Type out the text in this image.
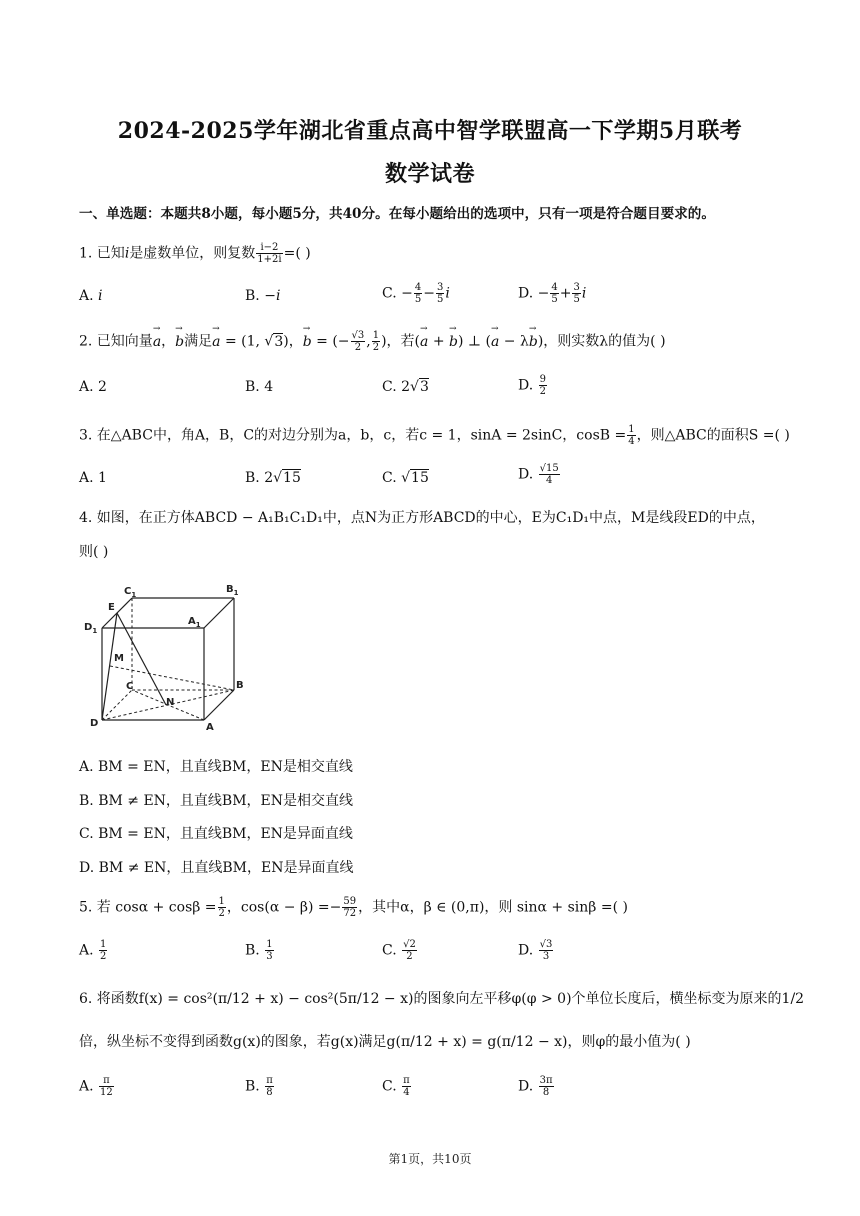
2024-2025学年湖北省重点高中智学联盟高一下学期5月联考
数学试卷
一、单选题：本题共8小题，每小题5分，共40分。在每小题给出的选项中，只有一项是符合题目要求的。
1. 已知i是虚数单位，则复数 $\frac{i-2}{1+2i}$ =( )
A. i	B. −i	C. − $\frac{4}{5} - \frac{3}{5}$ i	D. − $\frac{4}{5} + \frac{3}{5}$ i
2. 已知向量→ a，→ b满足→ a = (1, √3)，→ b = (− $\frac{√3}{2}$ , $\frac{1}{2}$ )，若(→ a + → b) ⊥ (→ a − λ→ b)，则实数λ的值为( )
A. 2	B. 4	C. 2√3	D. $\frac{9}{2}$
3. 在△ABC中，角A，B，C的对边分别为a，b，c，若c = 1，sinA = 2sinC，$\cos B = \frac{1}{4}$ ，则△ABC的面积S =( )
A. 1	B. 2√15	C. √15	D. $\frac{√15}{4}$
4. 如图，在正方体ABCD − A₁B₁C₁D₁中，点N为正方形ABCD的中心，E为C₁D₁中点，M是线段ED的中点，
则( )
$C_1$	$B_1$
E
$D_1$
$A_1$
M
C	B
N
D	A
A. BM = EN，且直线BM，EN是相交直线
B. BM ≠ EN，且直线BM，EN是相交直线
C. BM = EN，且直线BM，EN是异面直线
D. BM ≠ EN，且直线BM，EN是异面直线
5. 若 $\cos\alpha + \cos\beta = \frac{1}{2}$ ，$\cos(\alpha - \beta) =- \frac{59}{72}$ ，其中α，β ∈ (0,π)，则 sinα + sinβ =( )
A. $\frac{1}{2}$	B. $\frac{1}{3}$	C. $\frac{√2}{2}$	D. $\frac{√3}{3}$
6. 将函数f(x) = cos²(π/12 + x) − cos²(5π/12 − x)的图象向左平移φ(φ > 0)个单位长度后，横坐标变为原来的1/2
倍，纵坐标不变得到函数g(x)的图象，若g(x)满足g(π/12 + x) = g(π/12 − x)，则φ的最小值为( )
A. $\frac{\pi}{12}$	B. $\frac{\pi}{8}$	C. $\frac{\pi}{4}$	D. $\frac{3\pi}{8}$
第1页，共10页
